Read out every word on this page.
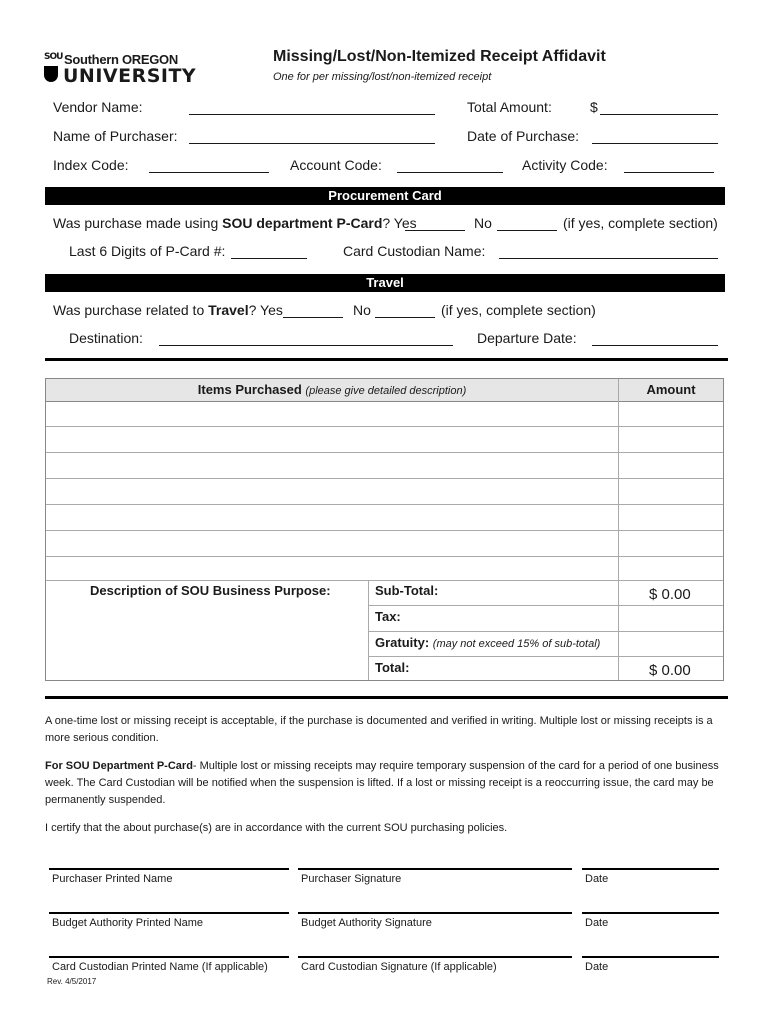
SOU Southern OREGON
UNIVERSITY
Missing/Lost/Non-Itemized Receipt Affidavit
One for per missing/lost/non-itemized receipt
Vendor Name:	Total Amount:	$
Name of Purchaser:	Date of Purchase:
Index Code:	Account Code:	Activity Code:
Procurement Card
Was purchase made using SOU department P-Card? Yes	No	(if yes, complete section)
Last 6 Digits of P-Card #:	Card Custodian Name:
Travel
Was purchase related to Travel? Yes	No	(if yes, complete section)
Destination:	Departure Date:
Items Purchased (please give detailed description)	Amount
Description of SOU Business Purpose:	Sub-Total:	$ 0.00
Tax:
Gratuity: (may not exceed 15% of sub-total)
Total:	$ 0.00
A one-time lost or missing receipt is acceptable, if the purchase is documented and verified in writing. Multiple lost or missing receipts is a more serious condition.
For SOU Department P-Card- Multiple lost or missing receipts may require temporary suspension of the card for a period of one business week. The Card Custodian will be notified when the suspension is lifted. If a lost or missing receipt is a reoccurring issue, the card may be permanently suspended.
I certify that the about purchase(s) are in accordance with the current SOU purchasing policies.
Purchaser Printed Name	Purchaser Signature	Date
Budget Authority Printed Name	Budget Authority Signature	Date
Card Custodian Printed Name (If applicable)	Card Custodian Signature (If applicable)	Date
Rev. 4/5/2017
